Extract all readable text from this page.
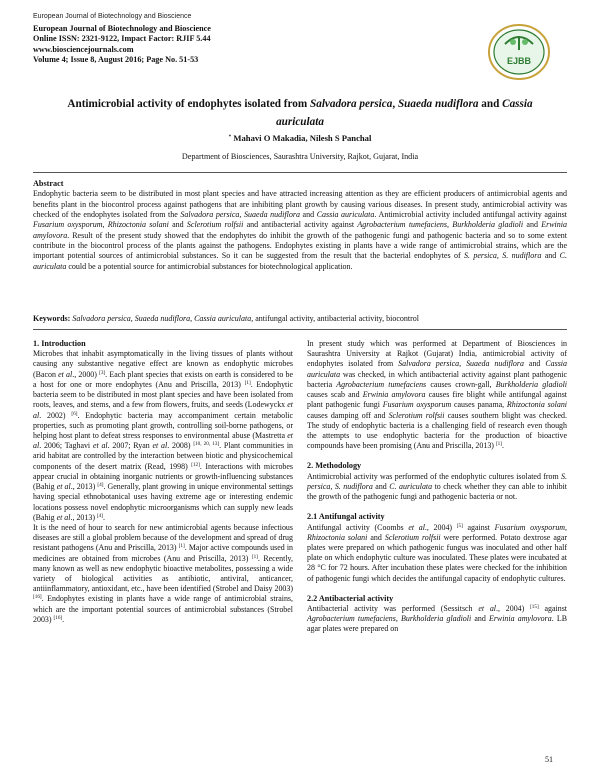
European Journal of Biotechnology and Bioscience
European Journal of Biotechnology and Bioscience
Online ISSN: 2321-9122, Impact Factor: RJIF 5.44
www.biosciencejournals.com
Volume 4; Issue 8, August 2016; Page No. 51-53	EJBB
Antimicrobial activity of endophytes isolated from Salvadora persica, Suaeda nudiflora and Cassia
auriculata
* Mahavi O Makadia, Nilesh S Panchal
Department of Biosciences, Saurashtra University, Rajkot, Gujarat, India
Abstract
Endophytic bacteria seem to be distributed in most plant species and have attracted increasing attention as they are efficient producers of antimicrobial agents and benefits plant in the biocontrol process against pathogens that are inhibiting plant growth by causing various diseases. In present study, antimicrobial activity was checked of the endophytes isolated from the Salvadora persica, Suaeda nudiflora and Cassia auriculata. Antimicrobial activity included antifungal activity against Fusarium oxysporum, Rhizoctonia solani and Sclerotium rolfsii and antibacterial activity against Agrobacterium tumefaciens, Burkholderia gladioli and Erwinia amylovora. Result of the present study showed that the endophytes do inhibit the growth of the pathogenic fungi and pathogenic bacteria and so to some extent contribute in the biocontrol process of the plants against the pathogens. Endophytes existing in plants have a wide range of antimicrobial strains, which are the important potential sources of antimicrobial substances. So it can be suggested from the result that the bacterial endophytes of S. persica, S. nudiflora and C. auriculata could be a potential source for antimicrobial substances for biotechnological application.
Keywords: Salvadora persica, Suaeda nudiflora, Cassia auriculata, antifungal activity, antibacterial activity, biocontrol

1. Introduction

Microbes that inhabit asymptomatically in the living tissues of plants without causing any substantive negative effect are known as endophytic microbes (Bacon et al., 2000) [3]. Each plant species that exists on earth is considered to be a host for one or more endophytes (Anu and Priscilla, 2013) [1]. Endophytic bacteria seem to be distributed in most plant species and have been isolated from roots, leaves, and stems, and a few from flowers, fruits, and seeds (Lodewyckx et al. 2002) [6]. Endophytic bacteria may accompaniment certain metabolic properties, such as promoting plant growth, controlling soil-borne pathogens, or helping host plant to defeat stress responses to environmental abuse (Mastretta et al. 2006; Taghavi et al. 2007; Ryan et al. 2008) [10, 20, 13]. Plant communities in arid habitat are controlled by the interaction between biotic and physicochemical components of the desert matrix (Read, 1998) [12]. Interactions with microbes appear crucial in obtaining inorganic nutrients or growth-influencing substances (Bahig et al., 2013) [4]. Generally, plant growing in unique environmental settings having special ethnobotanical uses having extreme age or interesting endemic locations possess novel endophytic microorganisms which can supply new leads (Bahig et al., 2013) [4].

It is the need of hour to search for new antimicrobial agents because infectious diseases are still a global problem because of the development and spread of drug resistant pathogens (Anu and Priscilla, 2013) [1]. Major active compounds used in medicines are obtained from microbes (Anu and Priscilla, 2013) [1]. Recently, many known as well as new endophytic bioactive metabolites, possessing a wide variety of biological activities as antibiotic, antiviral, anticancer, antiinflammatory, antioxidant, etc., have been identified (Strobel and Daisy 2003) [16]. Endophytes existing in plants have a wide range of antimicrobial strains, which are the important potential sources of antimicrobial substances (Strobel 2003) [16].

In present study which was performed at Department of Biosciences in Saurashtra University at Rajkot (Gujarat) India, antimicrobial activity of endophytes isolated from Salvadora persica, Suaeda nudiflora and Cassia auriculata was checked, in which antibacterial activity against plant pathogenic bacteria Agrobacterium tumefaciens causes crown-gall, Burkholderia gladioli causes scab and Erwinia amylovora causes fire blight while antifungal against plant pathogenic fungi Fusarium oxysporum causes panama, Rhizoctonia solani causes damping off and Sclerotium rolfsii causes southern blight was checked. The study of endophytic bacteria is a challenging field of research even though the attempts to use endophytic bacteria for the production of bioactive compounds have been promising (Anu and Priscilla, 2013) [1].

2. Methodology

Antimicrobial activity was performed of the endophytic cultures isolated from S. persica, S. nudiflora and C. auriculata to check whether they can able to inhibit the growth of the pathogenic fungi and pathogenic bacteria or not.

2.1 Antifungal activity

Antifungal activity (Coombs et al., 2004) [5] against Fusarium oxysporum, Rhizoctonia solani and Sclerotium rolfsii were performed. Potato dextrose agar plates were prepared on which pathogenic fungus was inoculated and other half plate on which endophytic culture was inoculated. These plates were incubated at 28 °C for 72 hours. After incubation these plates were checked for the inhibition of pathogenic fungi which decides the antifungal capacity of endophytic cultures.

2.2 Antibacterial activity

Antibacterial activity was performed (Sessitsch et al., 2004) [15] against Agrobacterium tumefaciens, Burkholderia gladioli and Erwinia amylovora. LB agar plates were prepared on

51
